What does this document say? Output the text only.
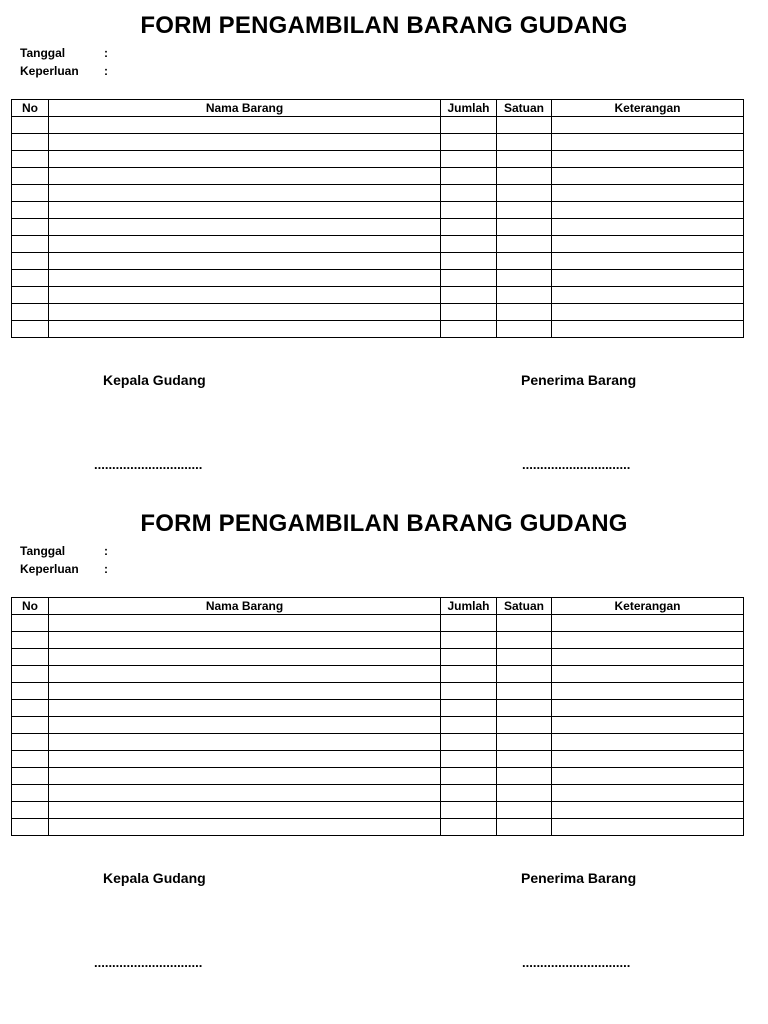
FORM PENGAMBILAN BARANG GUDANG
Tanggal	:
Keperluan :
No	Nama Barang	Jumlah	Satuan	Keterangan

Kepala Gudang	Penerima Barang
..............................	..............................
FORM PENGAMBILAN BARANG GUDANG
Tanggal	:
Keperluan :
No	Nama Barang	Jumlah	Satuan	Keterangan

Kepala Gudang	Penerima Barang
..............................	..............................
